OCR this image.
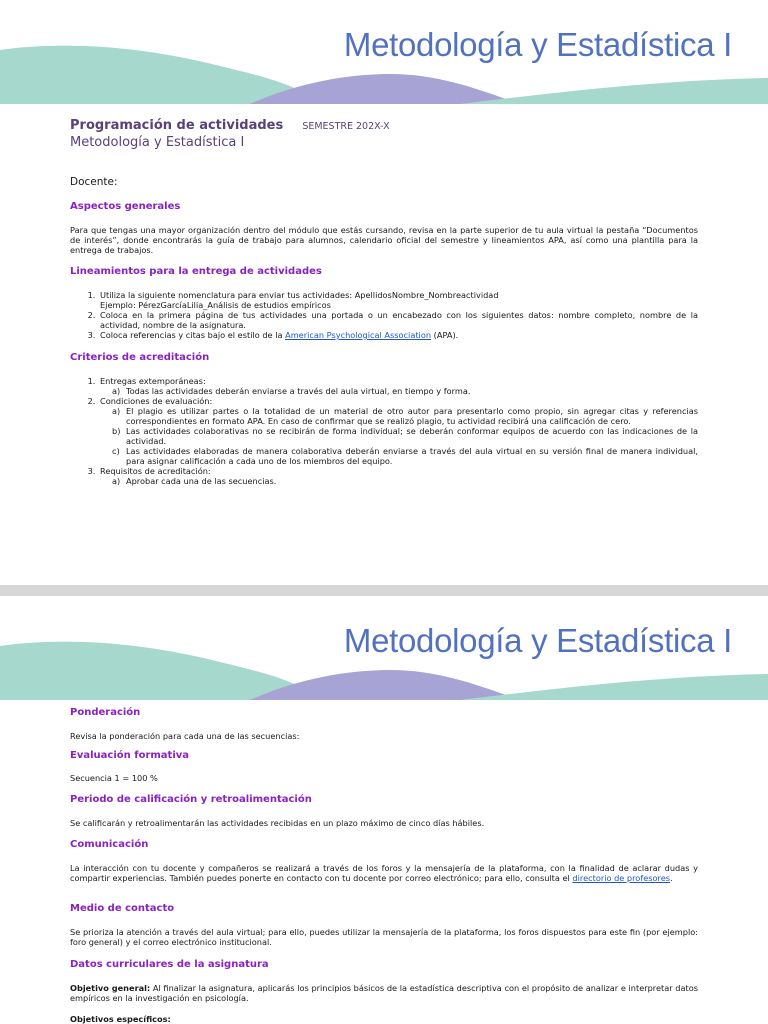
Metodología y Estadística I
Programación de actividades SEMESTRE 202X-X
Metodología y Estadística I
Docente:
Aspectos generales
Para que tengas una mayor organización dentro del módulo que estás cursando, revisa en la parte superior de tu aula virtual la pestaña “Documentos de interés”, donde encontrarás la guía de trabajo para alumnos, calendario oficial del semestre y lineamientos APA, así como una plantilla para la entrega de trabajos.
Lineamientos para la entrega de actividades
1. Utiliza la siguiente nomenclatura para enviar tus actividades: ApellidosNombre_Nombreactividad
Ejemplo: PérezGarcíaLilia_Análisis de estudios empíricos
2. Coloca en la primera página de tus actividades una portada o un encabezado con los siguientes datos: nombre completo, nombre de la actividad, nombre de la asignatura.
3. Coloca referencias y citas bajo el estilo de la American Psychological Association (APA).
Criterios de acreditación
1. Entregas extemporáneas:
a) Todas las actividades deberán enviarse a través del aula virtual, en tiempo y forma.
2. Condiciones de evaluación:
a) El plagio es utilizar partes o la totalidad de un material de otro autor para presentarlo como propio, sin agregar citas y referencias correspondientes en formato APA. En caso de confirmar que se realizó plagio, tu actividad recibirá una calificación de cero.
b) Las actividades colaborativas no se recibirán de forma individual; se deberán conformar equipos de acuerdo con las indicaciones de la actividad.
c) Las actividades elaboradas de manera colaborativa deberán enviarse a través del aula virtual en su versión final de manera individual, para asignar calificación a cada uno de los miembros del equipo.
3. Requisitos de acreditación:
a) Aprobar cada una de las secuencias.
Metodología y Estadística I
Ponderación
Revisa la ponderación para cada una de las secuencias:
Evaluación formativa
Secuencia 1 = 100 %
Periodo de calificación y retroalimentación
Se calificarán y retroalimentarán las actividades recibidas en un plazo máximo de cinco días hábiles.
Comunicación
La interacción con tu docente y compañeros se realizará a través de los foros y la mensajería de la plataforma, con la finalidad de aclarar dudas y compartir experiencias. También puedes ponerte en contacto con tu docente por correo electrónico; para ello, consulta el directorio de profesores.
Medio de contacto
Se prioriza la atención a través del aula virtual; para ello, puedes utilizar la mensajería de la plataforma, los foros dispuestos para este fin (por ejemplo: foro general) y el correo electrónico institucional.
Datos curriculares de la asignatura
Objetivo general: Al finalizar la asignatura, aplicarás los principios básicos de la estadística descriptiva con el propósito de analizar e interpretar datos empíricos en la investigación en psicología.
Objetivos específicos:
